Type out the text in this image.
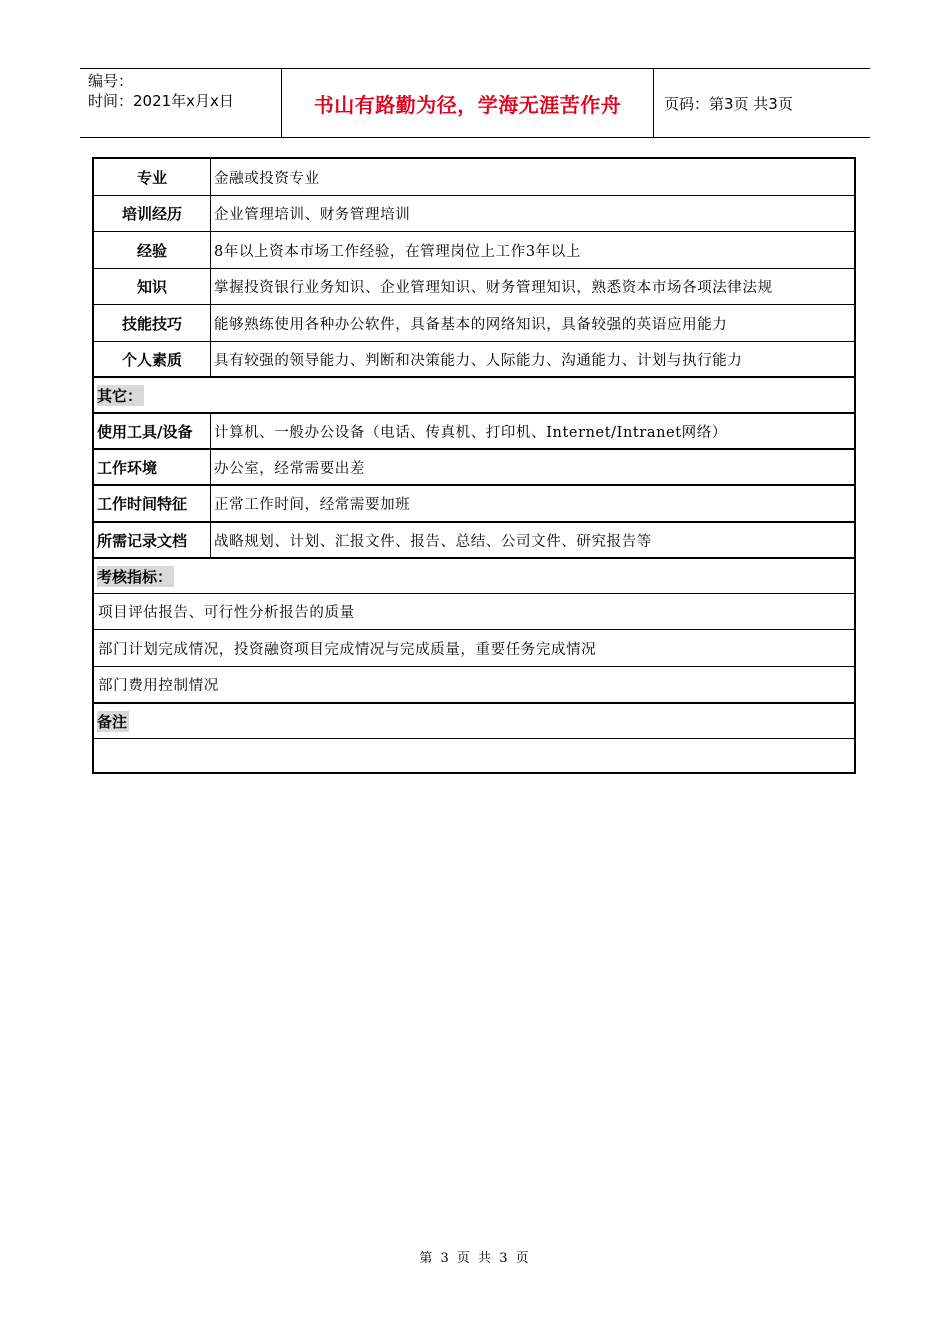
编号：
时间：2021年x月x日	书山有路勤为径，学海无涯苦作舟	页码：第3页 共3页
专业	金融或投资专业
培训经历	企业管理培训、财务管理培训
经验	8年以上资本市场工作经验，在管理岗位上工作3年以上
知识	掌握投资银行业务知识、企业管理知识、财务管理知识，熟悉资本市场各项法律法规
技能技巧	能够熟练使用各种办公软件，具备基本的网络知识，具备较强的英语应用能力
个人素质	具有较强的领导能力、判断和决策能力、人际能力、沟通能力、计划与执行能力
其它：
使用工具/设备	计算机、一般办公设备（电话、传真机、打印机、Internet/Intranet网络）
工作环境	办公室，经常需要出差
工作时间特征	正常工作时间，经常需要加班
所需记录文档	战略规划、计划、汇报文件、报告、总结、公司文件、研究报告等
考核指标：
项目评估报告、可行性分析报告的质量
部门计划完成情况，投资融资项目完成情况与完成质量，重要任务完成情况
部门费用控制情况
备注
第 3 页 共 3 页
